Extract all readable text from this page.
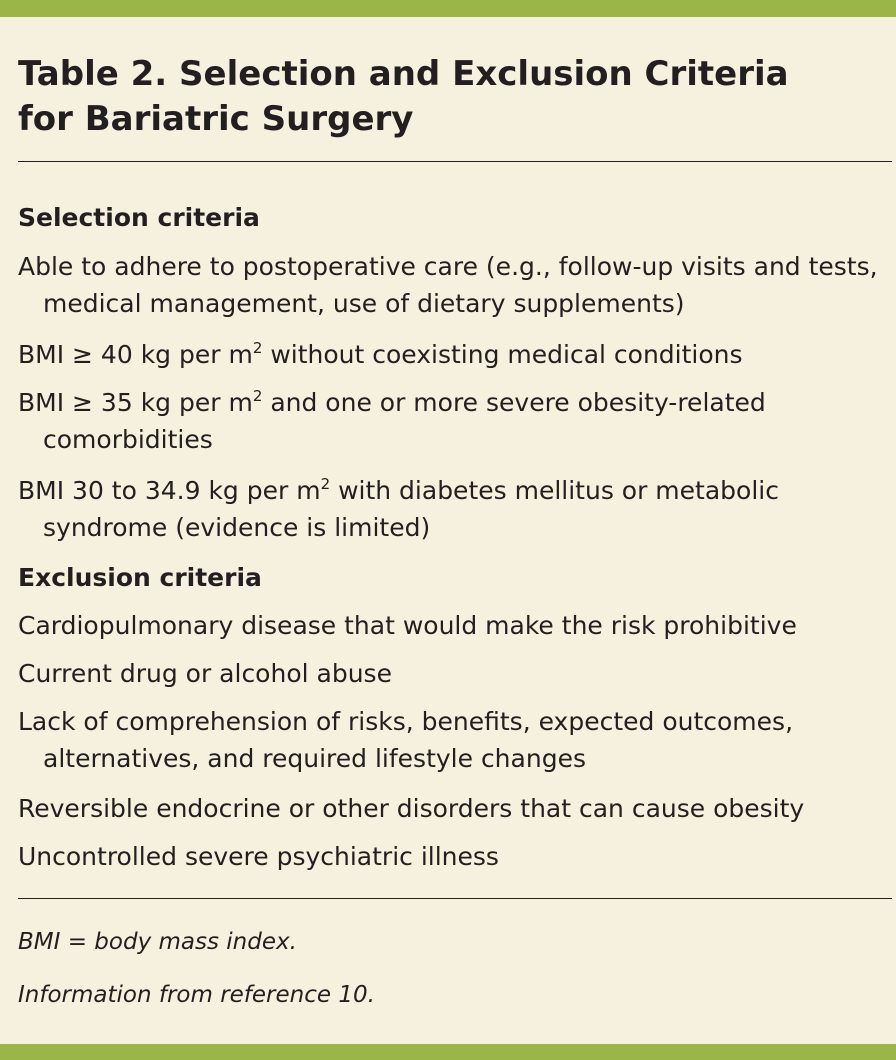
Table 2. Selection and Exclusion Criteria
for Bariatric Surgery
Selection criteria

Able to adhere to postoperative care (e.g., follow-up visits and tests, medical management, use of dietary supplements)

BMI ≥ 40 kg per $m^2$ without coexisting medical conditions

BMI ≥ 35 kg per $m^2$ and one or more severe obesity-related comorbidities

BMI 30 to 34.9 kg per $m^2$ with diabetes mellitus or metabolic syndrome (evidence is limited)

Exclusion criteria

Cardiopulmonary disease that would make the risk prohibitive

Current drug or alcohol abuse

Lack of comprehension of risks, benefits, expected outcomes, alternatives, and required lifestyle changes

Reversible endocrine or other disorders that can cause obesity

Uncontrolled severe psychiatric illness

BMI = body mass index.

Information from reference 10.
